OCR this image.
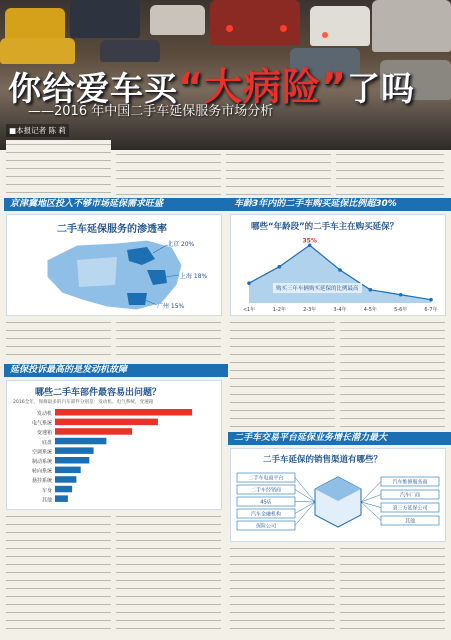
你给爱车买“大病险”了吗
——2016 年中国二手车延保服务市场分析
■本报记者 陈 莉
京津冀地区投入不够市场延保需求旺盛	车龄3年内的二手车购买延保比例超30%
二手车延保服务的渗透率
北京 20%
上海 18%
广州 15%
哪些“年龄段”的二手车主在购买延保？
<1年	1-2年	2-3年	3-4年	4-5年	5-6年	6-7年
35%
购买三年车辆购买延保的比例最高
延保投诉最高的是发动机故障
哪些二手车部件最容易出问题？
2016全年，保修最多的汽车部件分别是：发动机、电气系统，变速箱
发动机
电气系统
变速箱
底盘
空调系统
制动系统
转向系统
悬挂系统
车身
其他
二手车交易平台延保业务增长潜力最大
二手车延保的销售渠道有哪些？
二手车电商平台
二手车经销商
4S店
汽车金融机构
保险公司
汽车维修服务商
汽车厂商
第三方延保公司
其他
